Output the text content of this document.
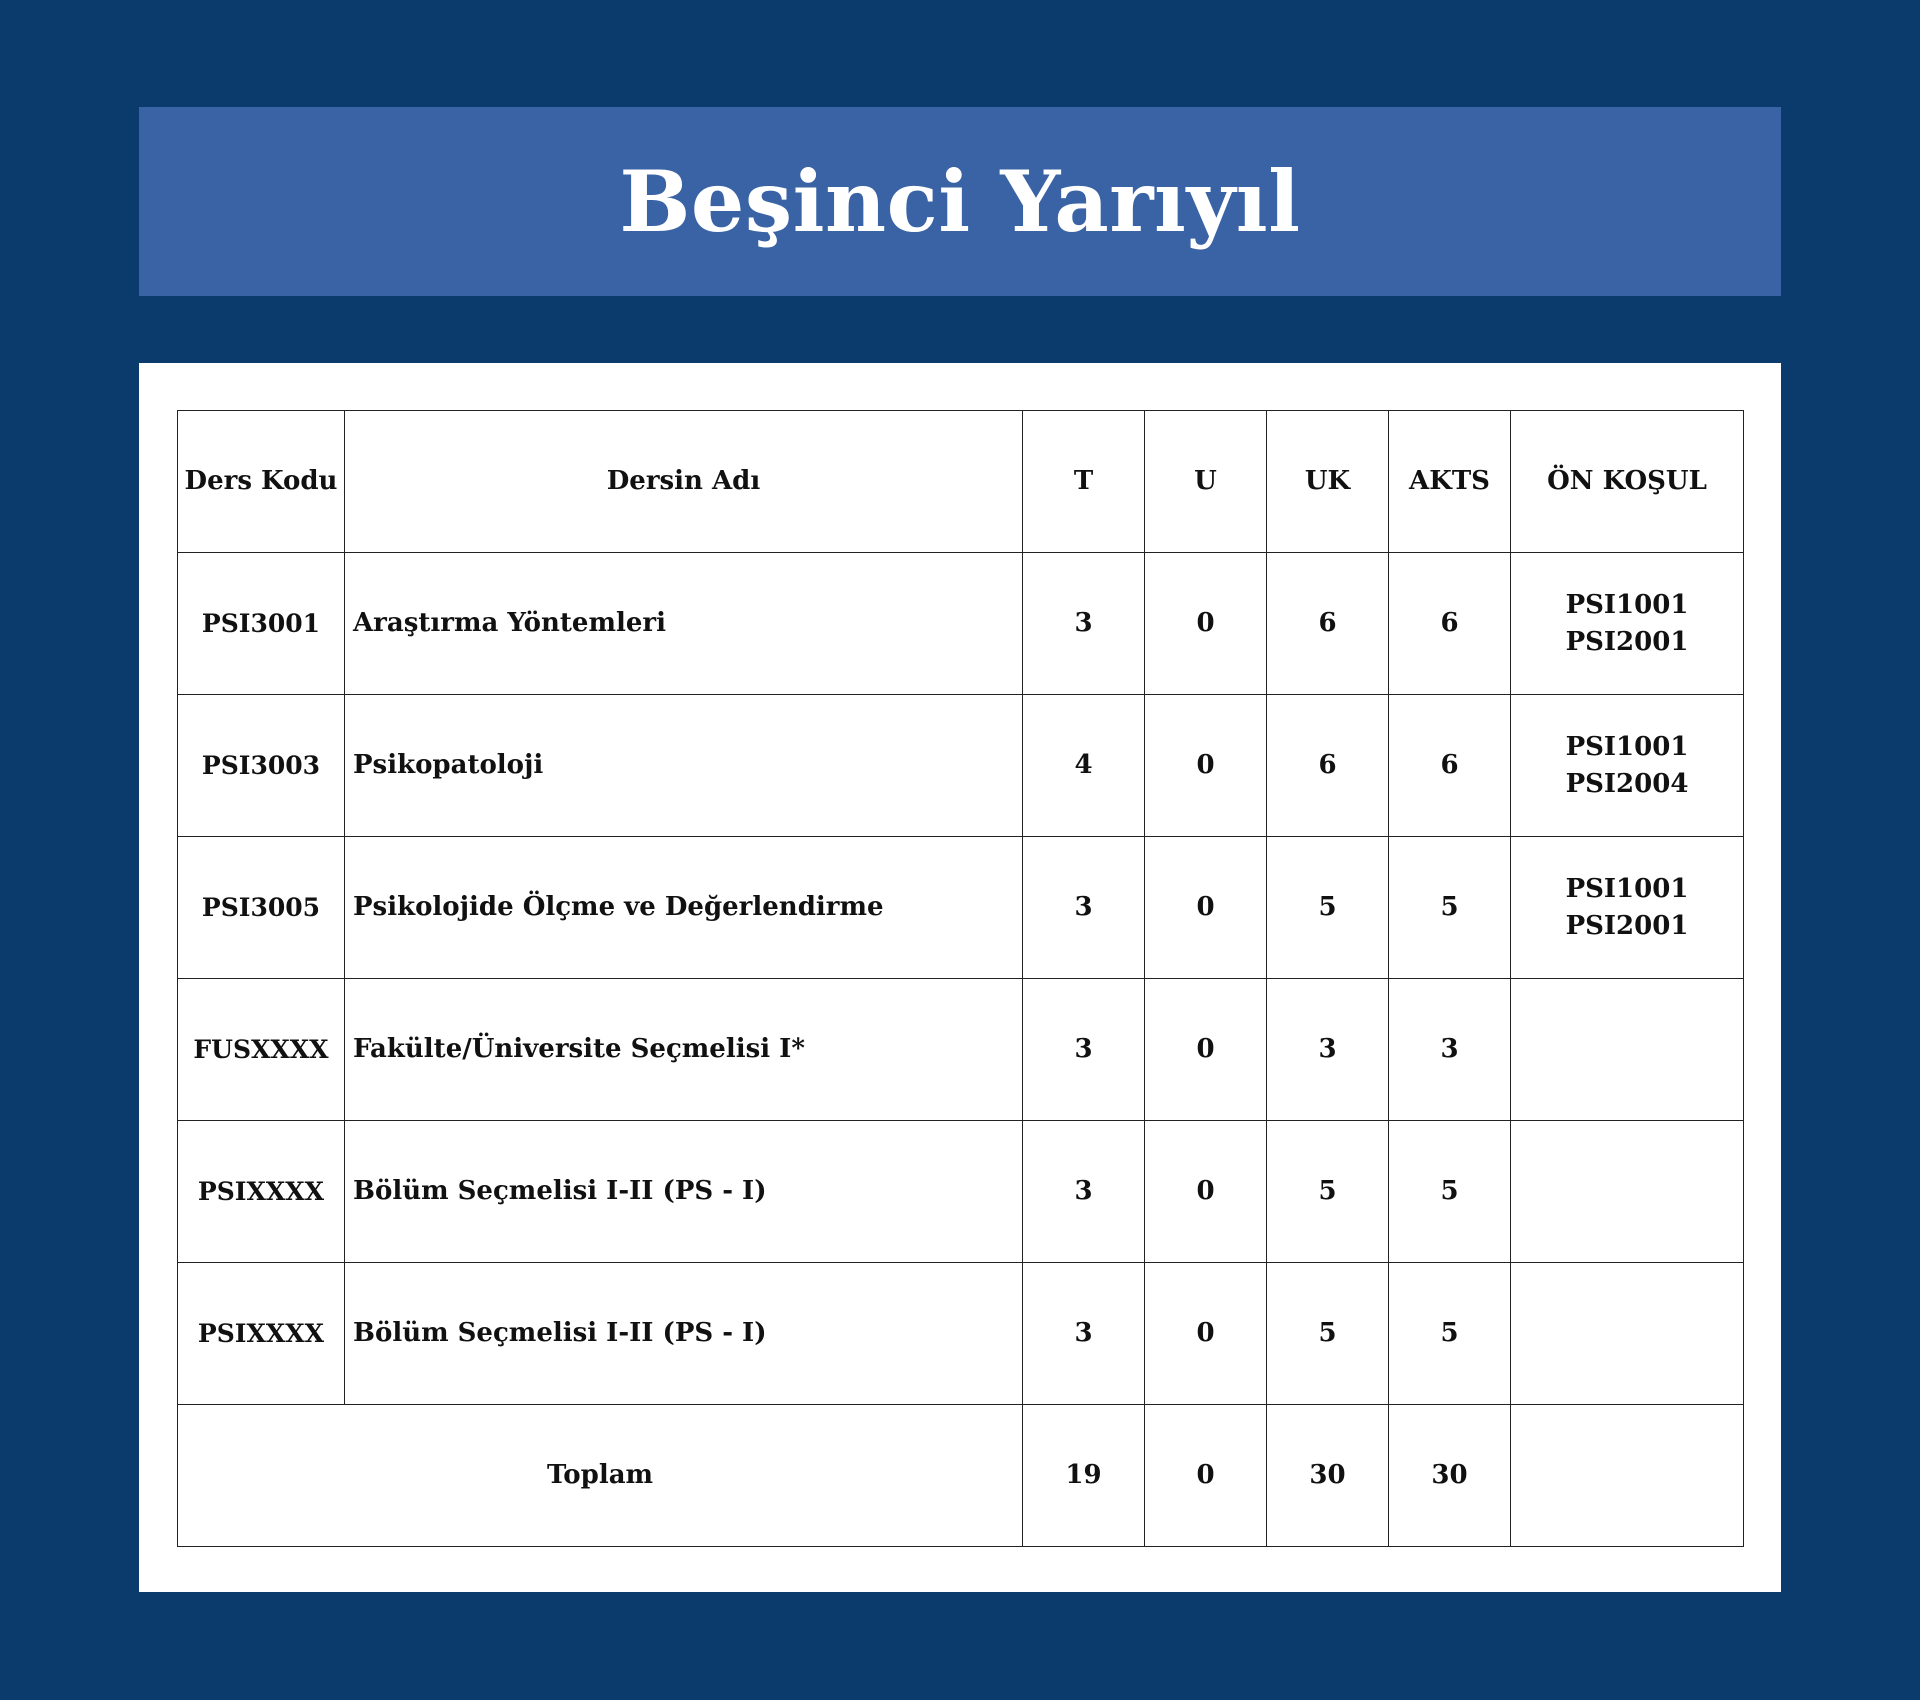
Beşinci Yarıyıl
Ders Kodu	Dersin Adı	T	U	UK	AKTS	ÖN KOŞUL
PSI3001	Araştırma Yöntemleri	3	0	6	6	PSI1001
PSI2001

PSI3003	Psikopatoloji	4	0	6	6	PSI1001
PSI2004

PSI3005	Psikolojide Ölçme ve Değerlendirme	3	0	5	5	PSI1001
PSI2001

FUSXXXX	Fakülte/Üniversite Seçmelisi I*	3	0	3	3	
PSIXXXX	Bölüm Seçmelisi I-II (PS - I)	3	0	5	5	
PSIXXXX	Bölüm Seçmelisi I-II (PS - I)	3	0	5	5	
Toplam		19	0	30	30	
